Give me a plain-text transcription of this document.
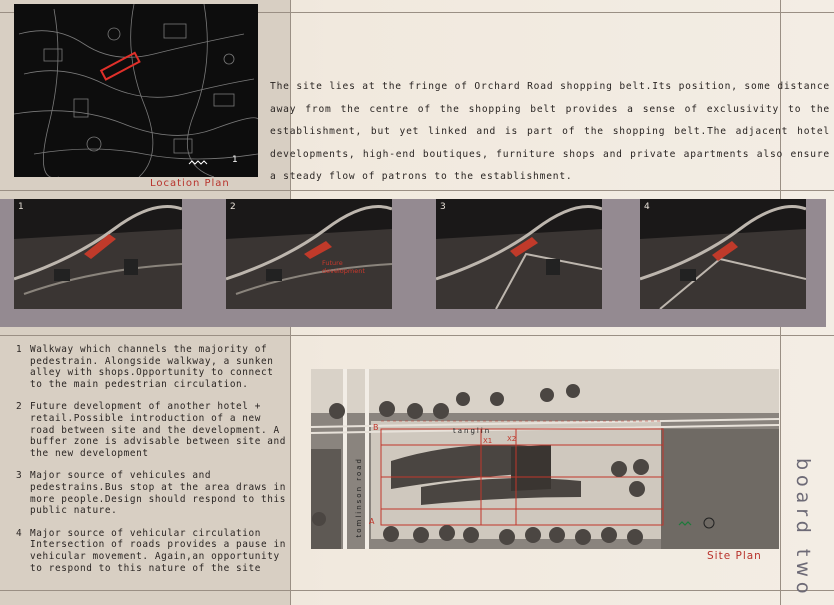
1
Location Plan
The site lies at the fringe of Orchard Road shopping belt.Its position, some distance away from the centre of the shopping belt provides a sense of exclusivity to the establishment, but yet linked and is part of the shopping belt.The adjacent hotel developments, high-end boutiques, furniture shops and private apartments also ensure a steady flow of patrons to the establishment.
1	2
Future development
3	4
1 Walkway which channels the majority of pedestrain. Alongside walkway, a sunken alley with shops.Opportunity to connect to the main pedestrian circulation.
2 Future development of another hotel + retail.Possible introduction of a new road between site and the development. A buffer zone is advisable between site and the new development
3 Major source of vehicules and pedestrains.Bus stop at the area draws in more people.Design should respond to this public nature.
4 Major source of vehicular circulation Intersection of roads provides a pause in vehicular movement. Again,an opportunity to respond to this nature of the site
tanglin
tomlinson road A
B
X1 X2
Site Plan board two
